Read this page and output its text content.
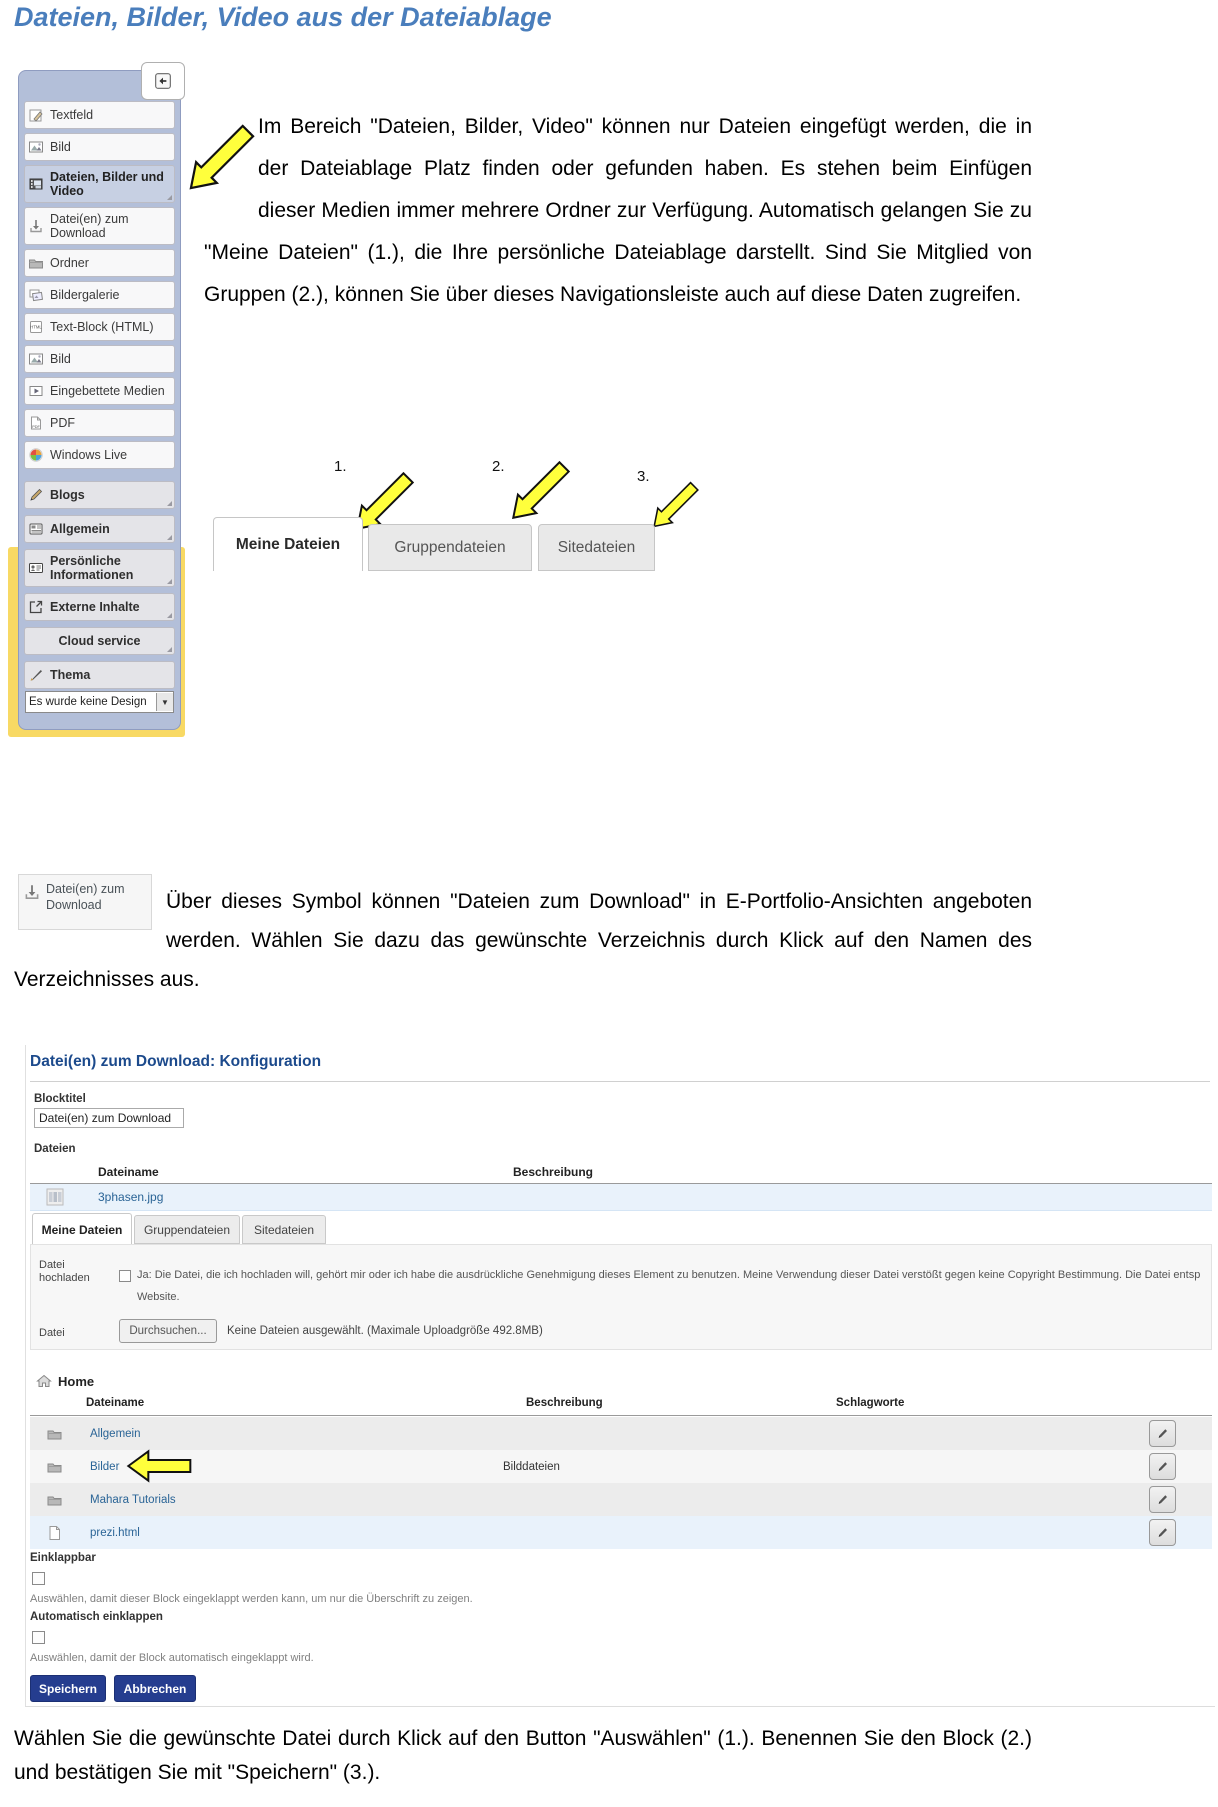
Dateien, Bilder, Video aus der Dateiablage
Textfeld
Bild
Dateien, Bilder und Video
Datei(en) zum Download
Ordner
Bildergalerie
HTML Text-Block (HTML)
Bild
Eingebettete Medien
PDF PDF
Windows Live
Blogs
Allgemein
Persönliche Informationen
Externe Inhalte
Cloud service
Thema
Es wurde keine Design	▼
Im Bereich "Dateien, Bilder, Video" können nur Dateien eingefügt werden, die in der Dateiablage Platz finden oder gefunden haben. Es stehen beim Einfügen dieser Medien immer mehrere Ordner zur Verfügung. Automatisch gelangen Sie zu "Meine Dateien" (1.), die Ihre persönliche Dateiablage darstellt. Sind Sie Mitglied von Gruppen (2.), können Sie über dieses Navigationsleiste auch auf diese Daten zugreifen.
1.	2.
3.
Meine Dateien	Gruppendateien	Sitedateien
Datei(en) zum
Download	Über dieses Symbol können "Dateien zum Download" in E-Portfolio-Ansichten angeboten werden. Wählen Sie dazu das gewünschte Verzeichnis durch Klick auf den Namen des Verzeichnisses aus.
Datei(en) zum Download: Konfiguration
Blocktitel
Datei(en) zum Download
Dateien
Dateiname	Beschreibung
3phasen.jpg
Meine Dateien Gruppendateien Sitedateien
Datei
hochladen	Ja: Die Datei, die ich hochladen will, gehört mir oder ich habe die ausdrückliche Genehmigung dieses Element zu benutzen. Meine Verwendung dieser Datei verstößt gegen keine Copyright Bestimmung. Die Datei entsp
Website.
Datei	Durchsuchen... Keine Dateien ausgewählt. (Maximale Uploadgröße 492.8MB)
Home
Dateiname	Beschreibung	Schlagworte
Allgemein
Bilder	Bilddateien
Mahara Tutorials
prezi.html
Einklappbar
Auswählen, damit dieser Block eingeklappt werden kann, um nur die Überschrift zu zeigen.
Automatisch einklappen
Auswählen, damit der Block automatisch eingeklappt wird.
Speichern Abbrechen
Wählen Sie die gewünschte Datei durch Klick auf den Button "Auswählen" (1.). Benennen Sie den Block (2.) und bestätigen Sie mit "Speichern" (3.).
